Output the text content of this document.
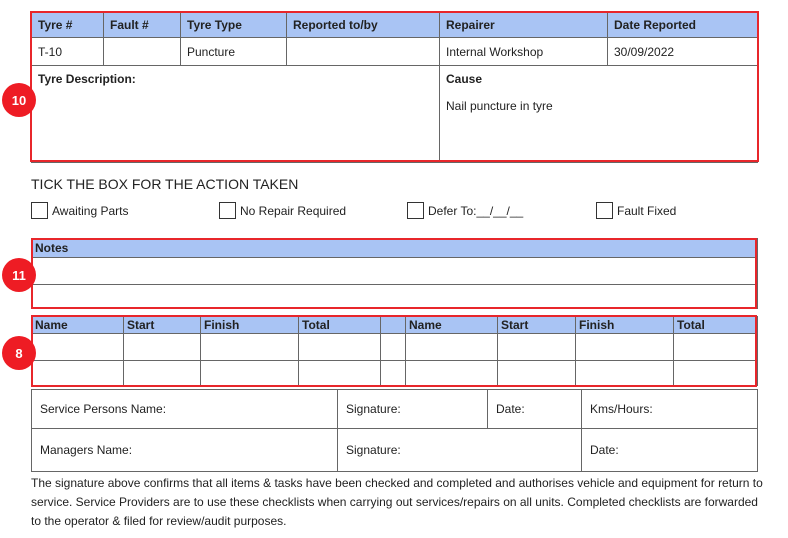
Tyre #	Fault #	Tyre Type	Reported to/by	Repairer	Date Reported
T-10		Puncture		Internal Workshop	30/09/2022

Tyre Description:				Cause
Nail puncture in tyre	
10
TICK THE BOX FOR THE ACTION TAKEN
Awaiting Parts	No Repair Required	Defer To:__/__/__	Fault Fixed
Notes

11
Name	Start	Finish	Total		Name	Start	Finish	Total

8
Service Persons Name:	Signature:	Date:	Kms/Hours:
Managers Name:	Signature:		Date:
The signature above confirms that all items & tasks have been checked and completed and authorises vehicle and equipment for return to service. Service Providers are to use these checklists when carrying out services/repairs on all units. Completed checklists are forwarded to the operator & filed for review/audit purposes.
